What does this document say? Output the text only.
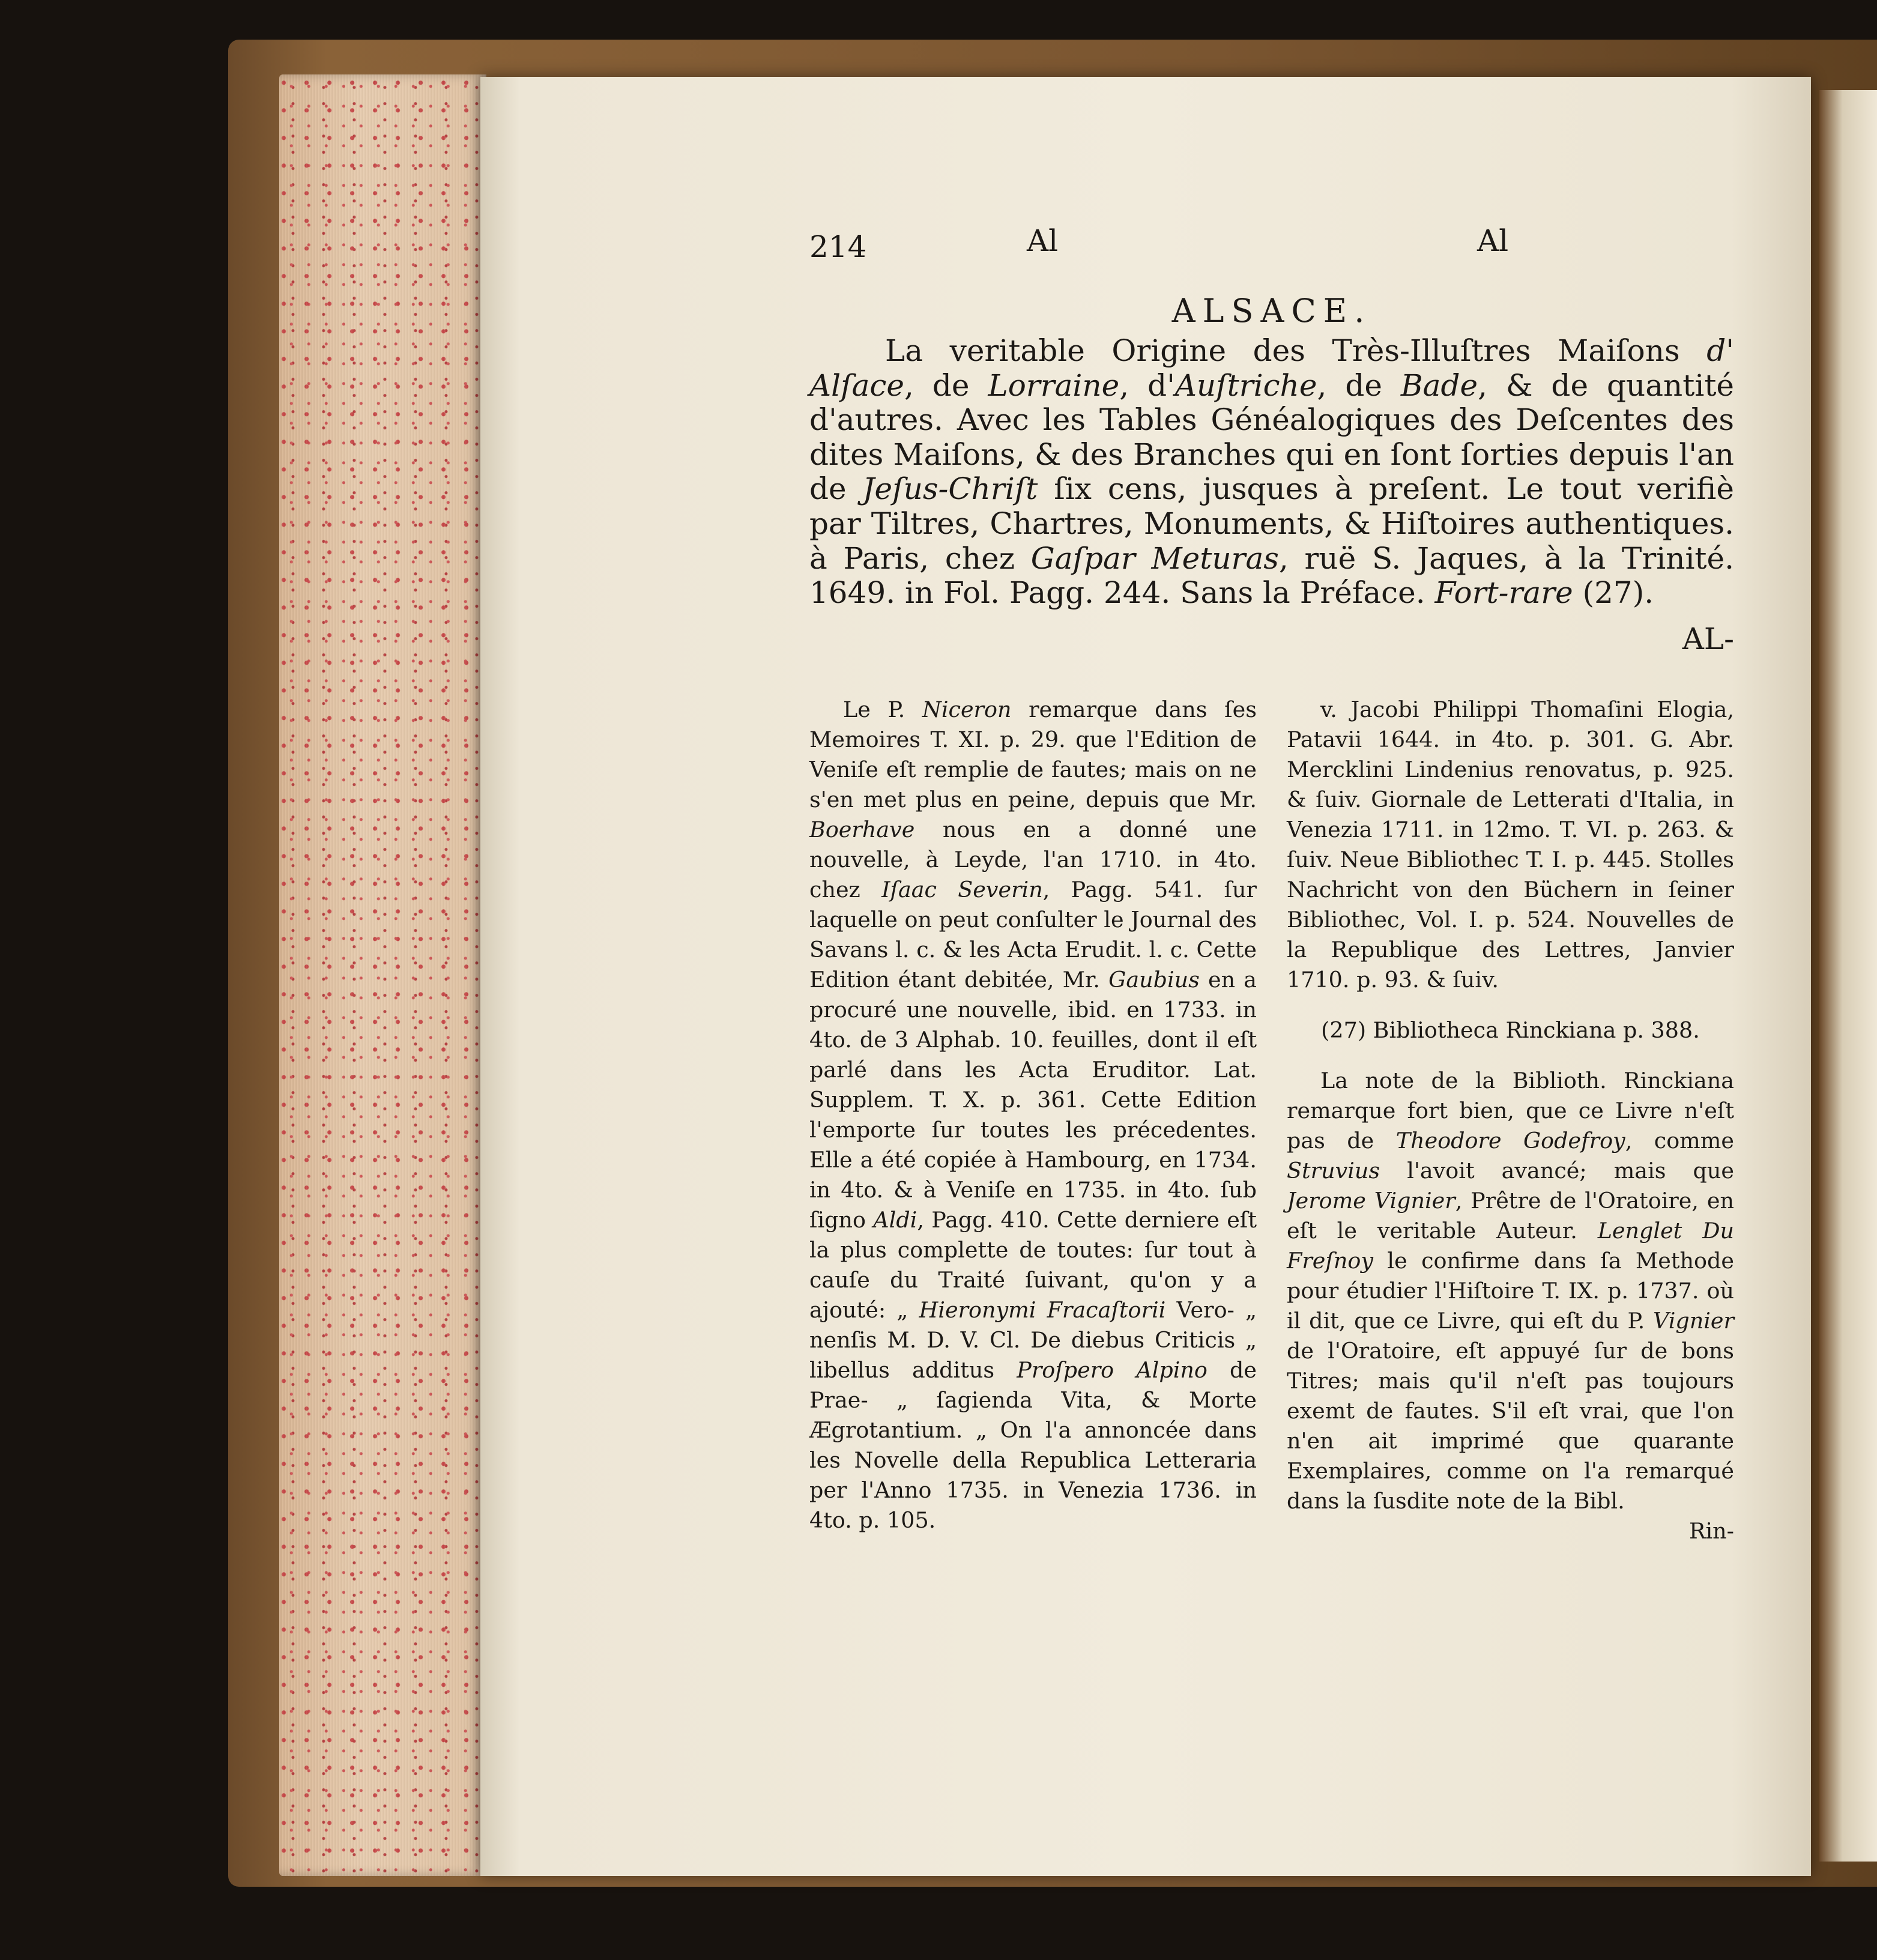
214	Al	Al
ALSACE.
La veritable Origine des Très-Illuſtres Maiſons d' Alſace, de Lorraine, d'Auſtriche, de Bade, & de quantité d'autres. Avec les Tables Généalogiques des Deſcentes des dites Maiſons, & des Branches qui en ſont ſorties depuis l'an de Jeſus-Chriſt ſix cens, jusques à preſent. Le tout verifiè par Tiltres, Chartres, Monuments, & Hiſtoires authentiques. à Paris, chez Gaſpar Meturas, ruë S. Jaques, à la Trinité. 1649. in Fol. Pagg. 244. Sans la Préface. Fort-rare (27).
AL-

Le P. Niceron remarque dans ſes Memoires T. XI. p. 29. que l'Edition de Veniſe eſt remplie de fautes; mais on ne s'en met plus en peine, depuis que Mr. Boerhave nous en a donné une nouvelle, à Leyde, l'an 1710. in 4to. chez Iſaac Severin, Pagg. 541. ſur laquelle on peut conſulter le Journal des Savans l. c. & les Acta Erudit. l. c. Cette Edition étant debitée, Mr. Gaubius en a procuré une nouvelle, ibid. en 1733. in 4to. de 3 Alphab. 10. feuilles, dont il eſt parlé dans les Acta Eruditor. Lat. Supplem. T. X. p. 361. Cette Edition l'emporte ſur toutes les précedentes. Elle a été copiée à Hambourg, en 1734. in 4to. & à Veniſe en 1735. in 4to. ſub ſigno Aldi, Pagg. 410. Cette derniere eſt la plus complette de toutes: ſur tout à cauſe du Traité ſuivant, qu'on y a ajouté: „ Hieronymi Fracaſtorii Vero- „ nenſis M. D. V. Cl. De diebus Criticis „ libellus additus Proſpero Alpino de Prae- „ ſagienda Vita, & Morte Ægrotantium. „ On l'a annoncée dans les Novelle della Republica Letteraria per l'Anno 1735. in Venezia 1736. in 4to. p. 105.

v. Jacobi Philippi Thomaſini Elogia, Patavii 1644. in 4to. p. 301. G. Abr. Mercklini Lindenius renovatus, p. 925. & ſuiv. Giornale de Letterati d'Italia, in Venezia 1711. in 12mo. T. VI. p. 263. & ſuiv. Neue Bibliothec T. I. p. 445. Stolles Nachricht von den Büchern in ſeiner Bibliothec, Vol. I. p. 524. Nouvelles de la Republique des Lettres, Janvier 1710. p. 93. & ſuiv.

(27) Bibliotheca Rinckiana p. 388.

La note de la Biblioth. Rinckiana remarque fort bien, que ce Livre n'eſt pas de Theodore Godefroy, comme Struvius l'avoit avancé; mais que Jerome Vignier, Prêtre de l'Oratoire, en eſt le veritable Auteur. Lenglet Du Freſnoy le confirme dans ſa Methode pour étudier l'Hiſtoire T. IX. p. 1737. où il dit, que ce Livre, qui eſt du P. Vignier de l'Oratoire, eſt appuyé ſur de bons Titres; mais qu'il n'eſt pas toujours exemt de fautes. S'il eſt vrai, que l'on n'en ait imprimé que quarante Exemplaires, comme on l'a remarqué dans la ſusdite note de la Bibl.

Rin-
